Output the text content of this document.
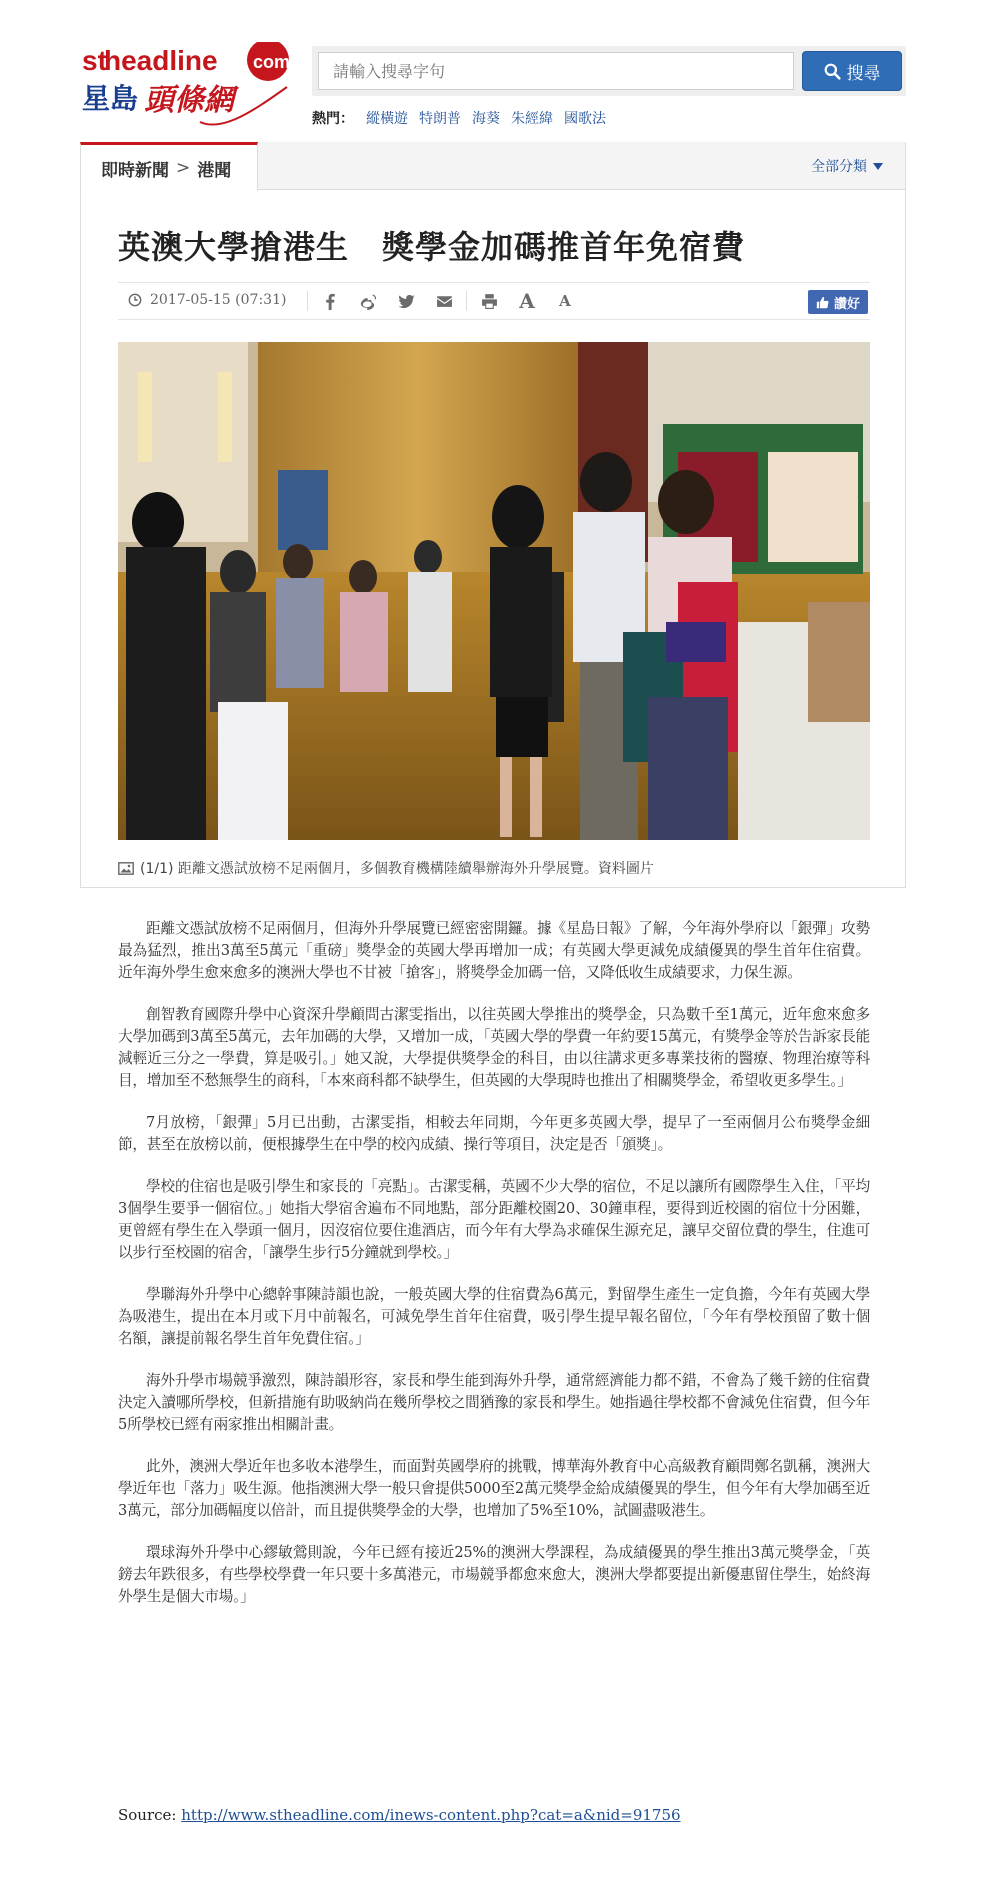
st
headline com
星島 頭條網
請輸入搜尋字句
搜尋
熱門： 縱橫遊 特朗普 海葵 朱經緯 國歌法
即時新聞 > 港聞	全部分類
英澳大學搶港生　獎學金加碼推首年免宿費
2017-05-15 (07:31)	A A	讚好
(1/1) 距離文憑試放榜不足兩個月，多個教育機構陸續舉辦海外升學展覽。資料圖片

距離文憑試放榜不足兩個月，但海外升學展覽已經密密開鑼。據《星島日報》了解，今年海外學府以「銀彈」攻勢最為猛烈，推出3萬至5萬元「重磅」獎學金的英國大學再增加一成；有英國大學更減免成績優異的學生首年住宿費。近年海外學生愈來愈多的澳洲大學也不甘被「搶客」，將獎學金加碼一倍，又降低收生成績要求，力保生源。

創智教育國際升學中心資深升學顧問古潔雯指出，以往英國大學推出的獎學金，只為數千至1萬元，近年愈來愈多大學加碼到3萬至5萬元，去年加碼的大學，又增加一成，「英國大學的學費一年約要15萬元，有獎學金等於告訴家長能減輕近三分之一學費，算是吸引。」她又說，大學提供獎學金的科目，由以往講求更多專業技術的醫療、物理治療等科目，增加至不愁無學生的商科，「本來商科都不缺學生，但英國的大學現時也推出了相關獎學金，希望收更多學生。」

7月放榜，「銀彈」5月已出動，古潔雯指，相較去年同期，今年更多英國大學，提早了一至兩個月公布獎學金細節，甚至在放榜以前，便根據學生在中學的校內成績、操行等項目，決定是否「頒獎」。

學校的住宿也是吸引學生和家長的「亮點」。古潔雯稱，英國不少大學的宿位，不足以讓所有國際學生入住，「平均3個學生要爭一個宿位。」她指大學宿舍遍布不同地點，部分距離校園20、30鐘車程，要得到近校園的宿位十分困難，更曾經有學生在入學頭一個月，因沒宿位要住進酒店，而今年有大學為求確保生源充足，讓早交留位費的學生，住進可以步行至校園的宿舍，「讓學生步行5分鐘就到學校。」

學聯海外升學中心總幹事陳詩韻也說，一般英國大學的住宿費為6萬元，對留學生產生一定負擔，今年有英國大學為吸港生，提出在本月或下月中前報名，可減免學生首年住宿費，吸引學生提早報名留位，「今年有學校預留了數十個名額，讓提前報名學生首年免費住宿。」

海外升學市場競爭激烈，陳詩韻形容，家長和學生能到海外升學，通常經濟能力都不錯，不會為了幾千鎊的住宿費決定入讀哪所學校，但新措施有助吸納尚在幾所學校之間猶豫的家長和學生。她指過往學校都不會減免住宿費，但今年5所學校已經有兩家推出相關計畫。

此外，澳洲大學近年也多收本港學生，而面對英國學府的挑戰，博華海外教育中心高級教育顧問鄭名凱稱，澳洲大學近年也「落力」吸生源。他指澳洲大學一般只會提供5000至2萬元獎學金給成績優異的學生，但今年有大學加碼至近3萬元，部分加碼幅度以倍計，而且提供獎學金的大學，也增加了5%至10%，試圖盡吸港生。

環球海外升學中心繆敏鶯則說，今年已經有接近25%的澳洲大學課程，為成績優異的學生推出3萬元獎學金，「英鎊去年跌很多，有些學校學費一年只要十多萬港元，市場競爭都愈來愈大，澳洲大學都要提出新優惠留住學生，始終海外學生是個大市場。」

Source: http://www.stheadline.com/inews-content.php?cat=a&nid=91756
